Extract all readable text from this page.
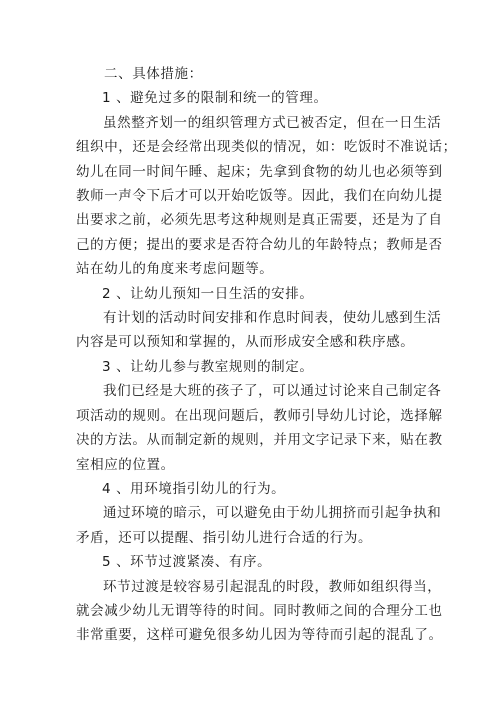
二、具体措施：

1 、避免过多的限制和统一的管理。

虽然整齐划一的组织管理方式已被否定，但在一日生活

组织中，还是会经常出现类似的情况，如：吃饭时不准说话；

幼儿在同一时间午睡、起床；先拿到食物的幼儿也必须等到

教师一声令下后才可以开始吃饭等。因此，我们在向幼儿提

出要求之前，必须先思考这种规则是真正需要，还是为了自

己的方便；提出的要求是否符合幼儿的年龄特点；教师是否

站在幼儿的角度来考虑问题等。

2 、让幼儿预知一日生活的安排。

有计划的活动时间安排和作息时间表，使幼儿感到生活

内容是可以预知和掌握的，从而形成安全感和秩序感。

3 、让幼儿参与教室规则的制定。

我们已经是大班的孩子了，可以通过讨论来自己制定各

项活动的规则。在出现问题后，教师引导幼儿讨论，选择解

决的方法。从而制定新的规则，并用文字记录下来，贴在教

室相应的位置。

4 、用环境指引幼儿的行为。

通过环境的暗示，可以避免由于幼儿拥挤而引起争执和

矛盾，还可以提醒、指引幼儿进行合适的行为。

5 、环节过渡紧凑、有序。

环节过渡是较容易引起混乱的时段，教师如组织得当，

就会减少幼儿无谓等待的时间。同时教师之间的合理分工也

非常重要，这样可避免很多幼儿因为等待而引起的混乱了。
